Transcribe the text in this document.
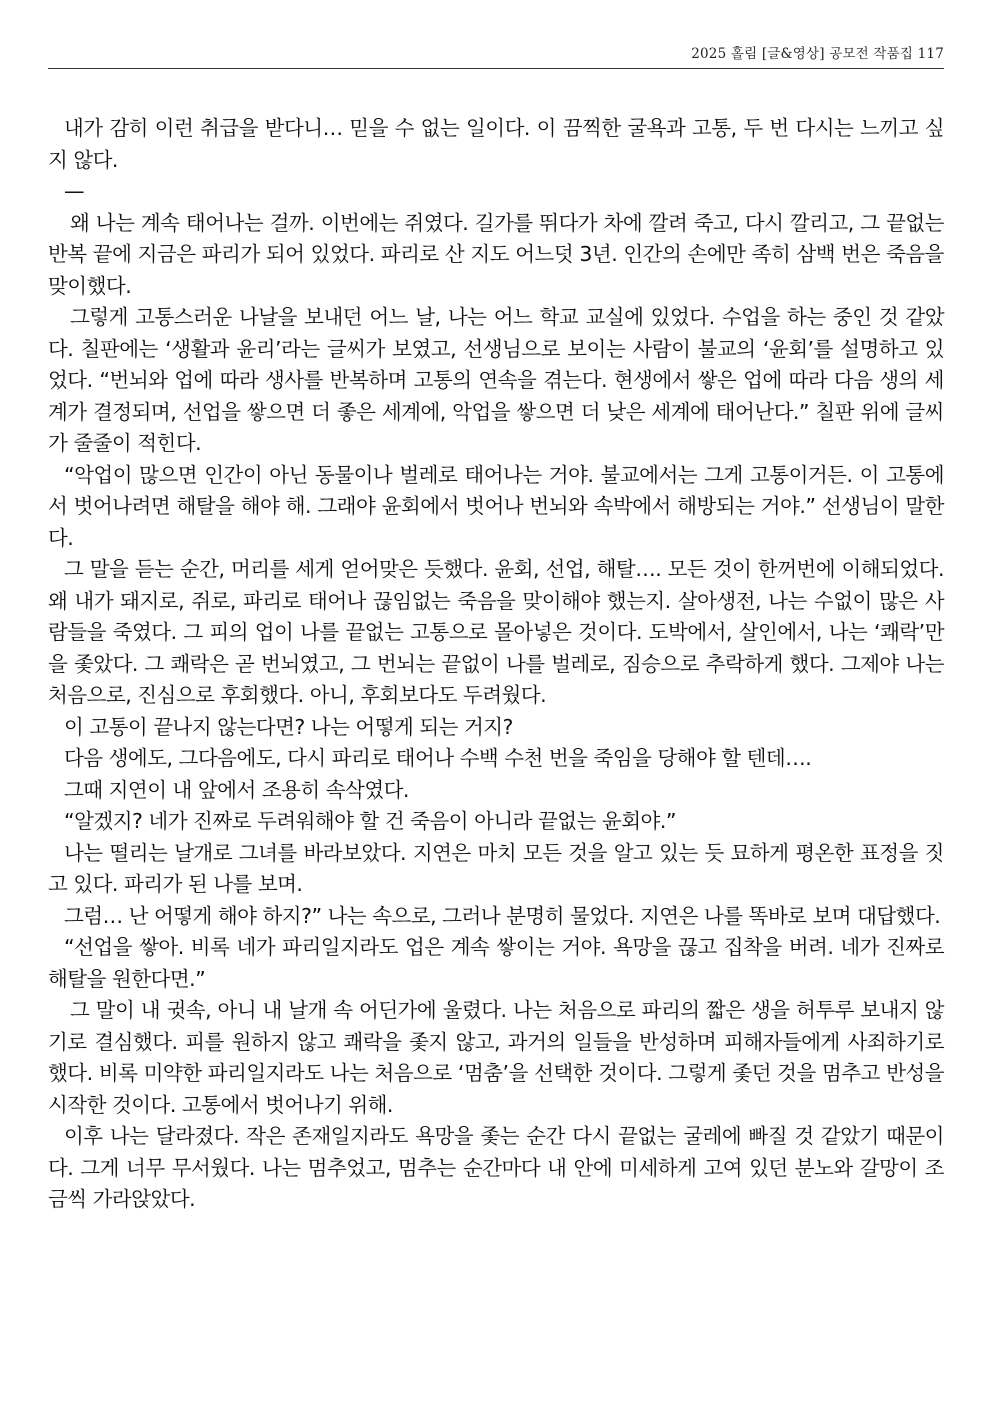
2025 홀림 [글&영상] 공모전 작품집 117

내가 감히 이런 취급을 받다니… 믿을 수 없는 일이다. 이 끔찍한 굴욕과 고통, 두 번 다시는 느끼고 싶지 않다.

—

왜 나는 계속 태어나는 걸까. 이번에는 쥐였다. 길가를 뛰다가 차에 깔려 죽고, 다시 깔리고, 그 끝없는 반복 끝에 지금은 파리가 되어 있었다. 파리로 산 지도 어느덧 3년. 인간의 손에만 족히 삼백 번은 죽음을 맞이했다.

그렇게 고통스러운 나날을 보내던 어느 날, 나는 어느 학교 교실에 있었다. 수업을 하는 중인 것 같았다. 칠판에는 ‘생활과 윤리’라는 글씨가 보였고, 선생님으로 보이는 사람이 불교의 ‘윤회’를 설명하고 있었다. “번뇌와 업에 따라 생사를 반복하며 고통의 연속을 겪는다. 현생에서 쌓은 업에 따라 다음 생의 세계가 결정되며, 선업을 쌓으면 더 좋은 세계에, 악업을 쌓으면 더 낮은 세계에 태어난다.” 칠판 위에 글씨가 줄줄이 적힌다.

“악업이 많으면 인간이 아닌 동물이나 벌레로 태어나는 거야. 불교에서는 그게 고통이거든. 이 고통에서 벗어나려면 해탈을 해야 해. 그래야 윤회에서 벗어나 번뇌와 속박에서 해방되는 거야.” 선생님이 말한다.

그 말을 듣는 순간, 머리를 세게 얻어맞은 듯했다. 윤회, 선업, 해탈…. 모든 것이 한꺼번에 이해되었다. 왜 내가 돼지로, 쥐로, 파리로 태어나 끊임없는 죽음을 맞이해야 했는지. 살아생전, 나는 수없이 많은 사람들을 죽였다. 그 피의 업이 나를 끝없는 고통으로 몰아넣은 것이다. 도박에서, 살인에서, 나는 ‘쾌락’만을 좇았다. 그 쾌락은 곧 번뇌였고, 그 번뇌는 끝없이 나를 벌레로, 짐승으로 추락하게 했다. 그제야 나는 처음으로, 진심으로 후회했다. 아니, 후회보다도 두려웠다.

이 고통이 끝나지 않는다면? 나는 어떻게 되는 거지?

다음 생에도, 그다음에도, 다시 파리로 태어나 수백 수천 번을 죽임을 당해야 할 텐데….

그때 지연이 내 앞에서 조용히 속삭였다.

“알겠지? 네가 진짜로 두려워해야 할 건 죽음이 아니라 끝없는 윤회야.”

나는 떨리는 날개로 그녀를 바라보았다. 지연은 마치 모든 것을 알고 있는 듯 묘하게 평온한 표정을 짓고 있다. 파리가 된 나를 보며.

그럼… 난 어떻게 해야 하지?” 나는 속으로, 그러나 분명히 물었다. 지연은 나를 똑바로 보며 대답했다.

“선업을 쌓아. 비록 네가 파리일지라도 업은 계속 쌓이는 거야. 욕망을 끊고 집착을 버려. 네가 진짜로 해탈을 원한다면.”

그 말이 내 귓속, 아니 내 날개 속 어딘가에 울렸다. 나는 처음으로 파리의 짧은 생을 허투루 보내지 않기로 결심했다. 피를 원하지 않고 쾌락을 좇지 않고, 과거의 일들을 반성하며 피해자들에게 사죄하기로 했다. 비록 미약한 파리일지라도 나는 처음으로 ‘멈춤’을 선택한 것이다. 그렇게 좇던 것을 멈추고 반성을 시작한 것이다. 고통에서 벗어나기 위해.

이후 나는 달라졌다. 작은 존재일지라도 욕망을 좇는 순간 다시 끝없는 굴레에 빠질 것 같았기 때문이다. 그게 너무 무서웠다. 나는 멈추었고, 멈추는 순간마다 내 안에 미세하게 고여 있던 분노와 갈망이 조금씩 가라앉았다.
